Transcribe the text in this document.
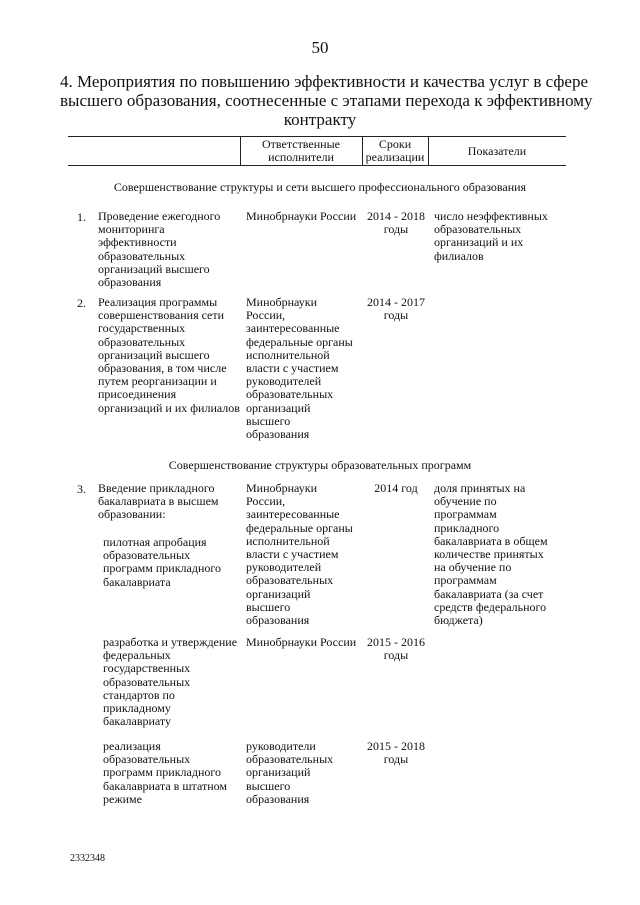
50
4. Мероприятия по повышению эффективности и качества услуг в сфере
высшего образования, соотнесенные с этапами перехода к эффективному
контракту
Ответственные
исполнители
Сроки
реализации	Показатели
Совершенствование структуры и сети высшего профессионального образования
1. Проведение ежегодного
мониторинга
эффективности
образовательных
организаций высшего
образования
Минобрнауки России 2014 - 2018
годы
число неэффективных
образовательных
организаций и их
филиалов
2. Реализация программы
совершенствования сети
государственных
образовательных
организаций высшего
образования, в том числе
путем реорганизации и
присоединения
организаций и их филиалов
Минобрнауки
России,
заинтересованные
федеральные органы
исполнительной
власти с участием
руководителей
образовательных
организаций
высшего
образования
2014 - 2017
годы
Совершенствование структуры образовательных программ
3. Введение прикладного
бакалавриата в высшем
образовании:
пилотная апробация
образовательных
программ прикладного
бакалавриата
Минобрнауки
России,
заинтересованные
федеральные органы
исполнительной
власти с участием
руководителей
образовательных
организаций
высшего
образования
2014 год	доля принятых на
обучение по
программам
прикладного
бакалавриата в общем
количестве принятых
на обучение по
программам
бакалавриата (за счет
средств федерального
бюджета)
разработка и утверждение
федеральных
государственных
образовательных
стандартов по
прикладному
бакалавриату
Минобрнауки России 2015 - 2016
годы
реализация
образовательных
программ прикладного
бакалавриата в штатном
режиме
руководители
образовательных
организаций
высшего
образования
2015 - 2018
годы
2332348
